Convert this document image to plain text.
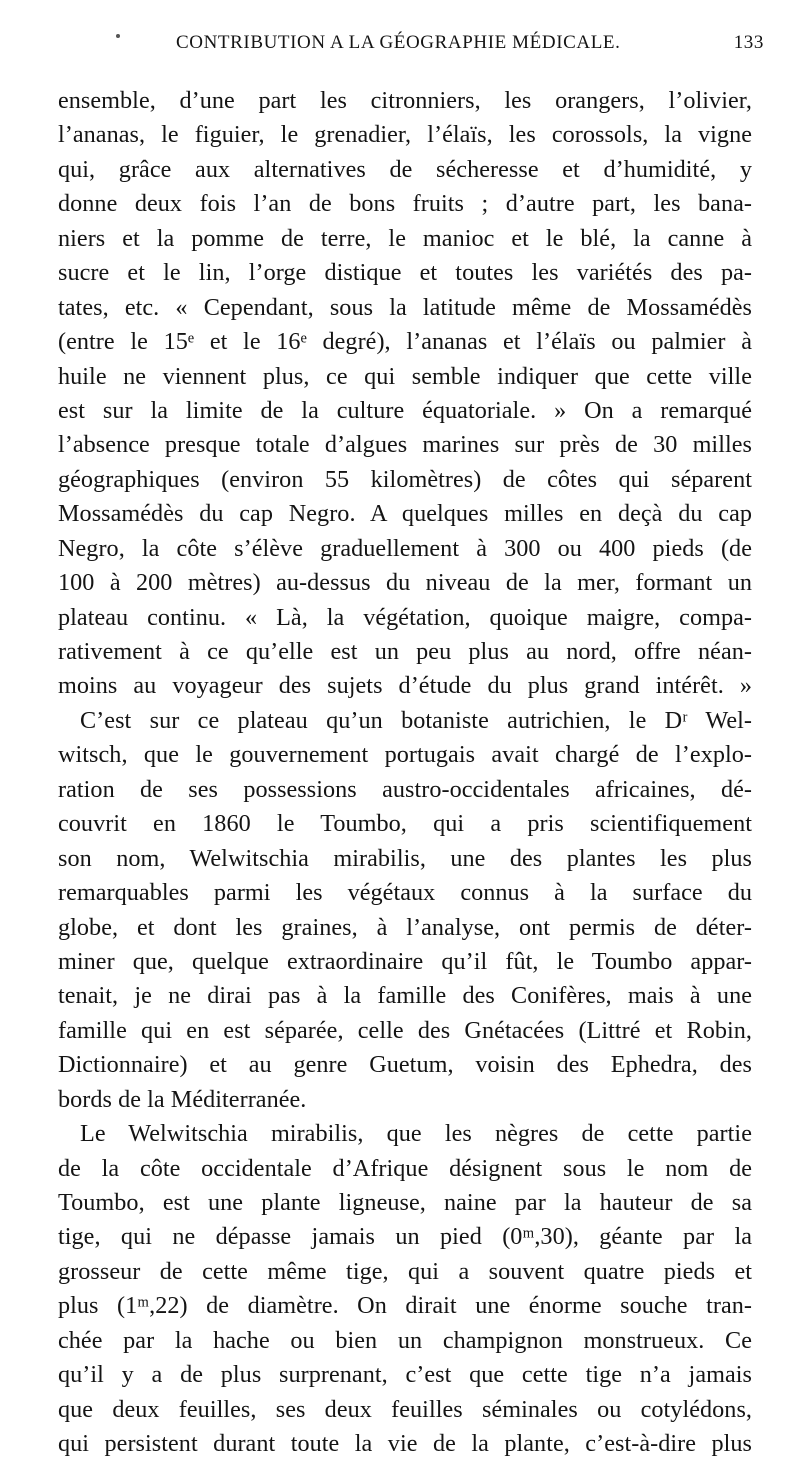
CONTRIBUTION A LA GÉOGRAPHIE MÉDICALE.	133
ensemble, d’une part les citronniers, les orangers, l’olivier,
l’ananas, le figuier, le grenadier, l’élaïs, les corossols, la vigne
qui, grâce aux alternatives de sécheresse et d’humidité, y
donne deux fois l’an de bons fruits ; d’autre part, les bana-
niers et la pomme de terre, le manioc et le blé, la canne à
sucre et le lin, l’orge distique et toutes les variétés des pa-
tates, etc. « Cependant, sous la latitude même de Mossamédès
(entre le 15ᵉ et le 16ᵉ degré), l’ananas et l’élaïs ou palmier à
huile ne viennent plus, ce qui semble indiquer que cette ville
est sur la limite de la culture équatoriale. » On a remarqué
l’absence presque totale d’algues marines sur près de 30 milles
géographiques (environ 55 kilomètres) de côtes qui séparent
Mossamédès du cap Negro. A quelques milles en deçà du cap
Negro, la côte s’élève graduellement à 300 ou 400 pieds (de
100 à 200 mètres) au-dessus du niveau de la mer, formant un
plateau continu. « Là, la végétation, quoique maigre, compa-
rativement à ce qu’elle est un peu plus au nord, offre néan-
moins au voyageur des sujets d’étude du plus grand intérêt. »
C’est sur ce plateau qu’un botaniste autrichien, le Dʳ Wel-
witsch, que le gouvernement portugais avait chargé de l’explo-
ration de ses possessions austro-occidentales africaines, dé-
couvrit en 1860 le Toumbo, qui a pris scientifiquement
son nom, Welwitschia mirabilis, une des plantes les plus
remarquables parmi les végétaux connus à la surface du
globe, et dont les graines, à l’analyse, ont permis de déter-
miner que, quelque extraordinaire qu’il fût, le Toumbo appar-
tenait, je ne dirai pas à la famille des Conifères, mais à une
famille qui en est séparée, celle des Gnétacées (Littré et Robin,
Dictionnaire) et au genre Guetum, voisin des Ephedra, des
bords de la Méditerranée.
Le Welwitschia mirabilis, que les nègres de cette partie
de la côte occidentale d’Afrique désignent sous le nom de
Toumbo, est une plante ligneuse, naine par la hauteur de sa
tige, qui ne dépasse jamais un pied (0ᵐ,30), géante par la
grosseur de cette même tige, qui a souvent quatre pieds et
plus (1ᵐ,22) de diamètre. On dirait une énorme souche tran-
chée par la hache ou bien un champignon monstrueux. Ce
qu’il y a de plus surprenant, c’est que cette tige n’a jamais
que deux feuilles, ses deux feuilles séminales ou cotylédons,
qui persistent durant toute la vie de la plante, c’est-à-dire plus
